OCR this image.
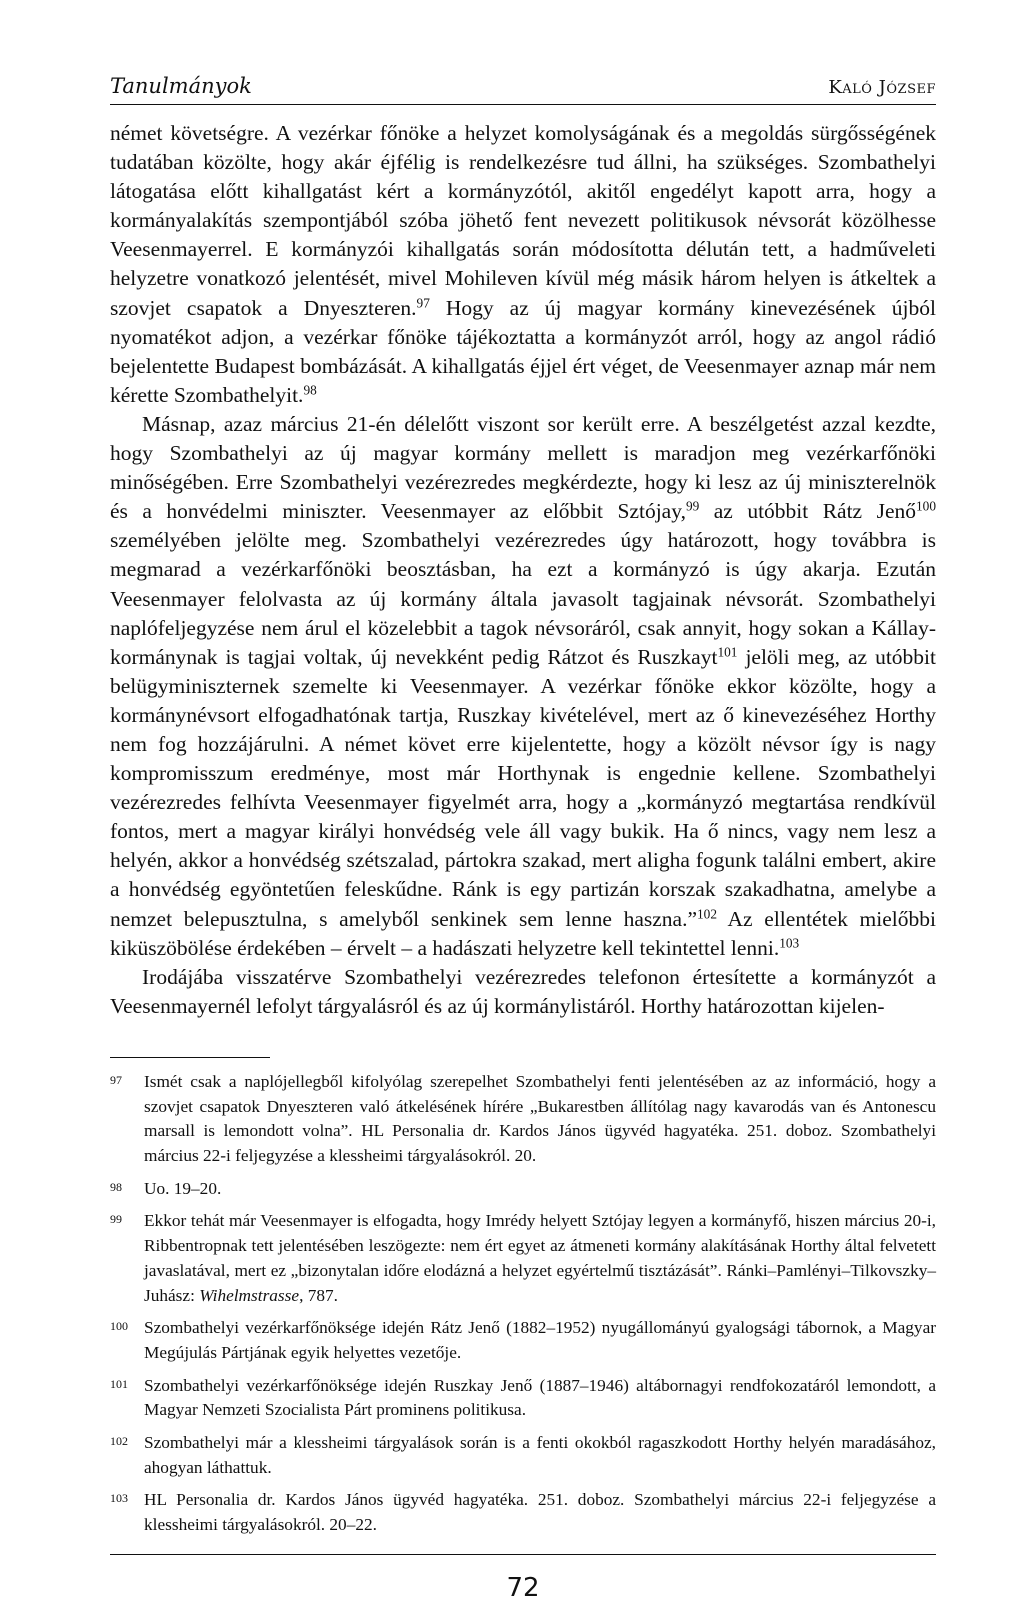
Tanulmányok	Kaló József

német követségre. A vezérkar főnöke a helyzet komolyságának és a megoldás sürgősségének tudatában közölte, hogy akár éjfélig is rendelkezésre tud állni, ha szükséges. Szombathelyi látogatása előtt kihallgatást kért a kormányzótól, akitől engedélyt kapott arra, hogy a kormányalakítás szempontjából szóba jöhető fent nevezett politikusok névsorát közölhesse Veesenmayerrel. E kormányzói kihallgatás során módosította délután tett, a hadműveleti helyzetre vonatkozó jelentését, mivel Mohileven kívül még másik három helyen is átkeltek a szovjet csapatok a Dnyeszteren.$^{97}$ Hogy az új magyar kormány kinevezésének újból nyomatékot adjon, a vezérkar főnöke tájékoztatta a kormányzót arról, hogy az angol rádió bejelentette Budapest bombázását. A kihallgatás éjjel ért véget, de Veesenmayer aznap már nem kérette Szombathelyit.$^{98}$

Másnap, azaz március 21-én délelőtt viszont sor került erre. A beszélgetést azzal kezdte, hogy Szombathelyi az új magyar kormány mellett is maradjon meg vezérkarfőnöki minőségében. Erre Szombathelyi vezérezredes megkérdezte, hogy ki lesz az új miniszterelnök és a honvédelmi miniszter. Veesenmayer az előbbit Sztójay,$^{99}$ az utóbbit Rátz Jenő$^{100}$ személyében jelölte meg. Szombathelyi vezérezredes úgy határozott, hogy továbbra is megmarad a vezérkarfőnöki beosztásban, ha ezt a kormányzó is úgy akarja. Ezután Veesenmayer felolvasta az új kormány általa javasolt tagjainak névsorát. Szombathelyi naplófeljegyzése nem árul el közelebbit a tagok névsoráról, csak annyit, hogy sokan a Kállay-kormánynak is tagjai voltak, új nevekként pedig Rátzot és Ruszkayt$^{101}$ jelöli meg, az utóbbit belügyminiszternek szemelte ki Veesenmayer. A vezérkar főnöke ekkor közölte, hogy a kormánynévsort elfogadhatónak tartja, Ruszkay kivételével, mert az ő kinevezéséhez Horthy nem fog hozzájárulni. A német követ erre kijelentette, hogy a közölt névsor így is nagy kompromisszum eredménye, most már Horthynak is engednie kellene. Szombathelyi vezérezredes felhívta Veesenmayer figyelmét arra, hogy a „kormányzó megtartása rendkívül fontos, mert a magyar királyi honvédség vele áll vagy bukik. Ha ő nincs, vagy nem lesz a helyén, akkor a honvédség szétszalad, pártokra szakad, mert aligha fogunk találni embert, akire a honvédség egyöntetűen feleskűdne. Ránk is egy partizán korszak szakadhatna, amelybe a nemzet belepusztulna, s amelyből senkinek sem lenne haszna.”$^{102}$ Az ellentétek mielőbbi kiküszöbölése érdekében – érvelt – a hadászati helyzetre kell tekintettel lenni.$^{103}$

Irodájába visszatérve Szombathelyi vezérezredes telefonon értesítette a kormányzót a Veesenmayernél lefolyt tárgyalásról és az új kormánylistáról. Horthy határozottan kijelen-

97 Ismét csak a naplójellegből kifolyólag szerepelhet Szombathelyi fenti jelentésében az az információ, hogy a szovjet csapatok Dnyeszteren való átkelésének hírére „Bukarestben állítólag nagy kavarodás van és Antonescu marsall is lemondott volna”. HL Personalia dr. Kardos János ügyvéd hagyatéka. 251. doboz. Szombathelyi március 22-i feljegyzése a klessheimi tárgyalásokról. 20.
98 Uo. 19–20.
99 Ekkor tehát már Veesenmayer is elfogadta, hogy Imrédy helyett Sztójay legyen a kormányfő, hiszen március 20-i, Ribbentropnak tett jelentésében leszögezte: nem ért egyet az átmeneti kormány alakításának Horthy által felvetett javaslatával, mert ez „bizonytalan időre elodázná a helyzet egyértelmű tisztázását”. Ránki–Pamlényi–Tilkovszky–Juhász: Wihelmstrasse, 787.
100 Szombathelyi vezérkarfőnöksége idején Rátz Jenő (1882–1952) nyugállományú gyalogsági tábornok, a Magyar Megújulás Pártjának egyik helyettes vezetője.
101 Szombathelyi vezérkarfőnöksége idején Ruszkay Jenő (1887–1946) altábornagyi rendfokozatáról lemondott, a Magyar Nemzeti Szocialista Párt prominens politikusa.
102 Szombathelyi már a klessheimi tárgyalások során is a fenti okokból ragaszkodott Horthy helyén maradásához, ahogyan láthattuk.
103 HL Personalia dr. Kardos János ügyvéd hagyatéka. 251. doboz. Szombathelyi március 22-i feljegyzése a klessheimi tárgyalásokról. 20–22.
72
